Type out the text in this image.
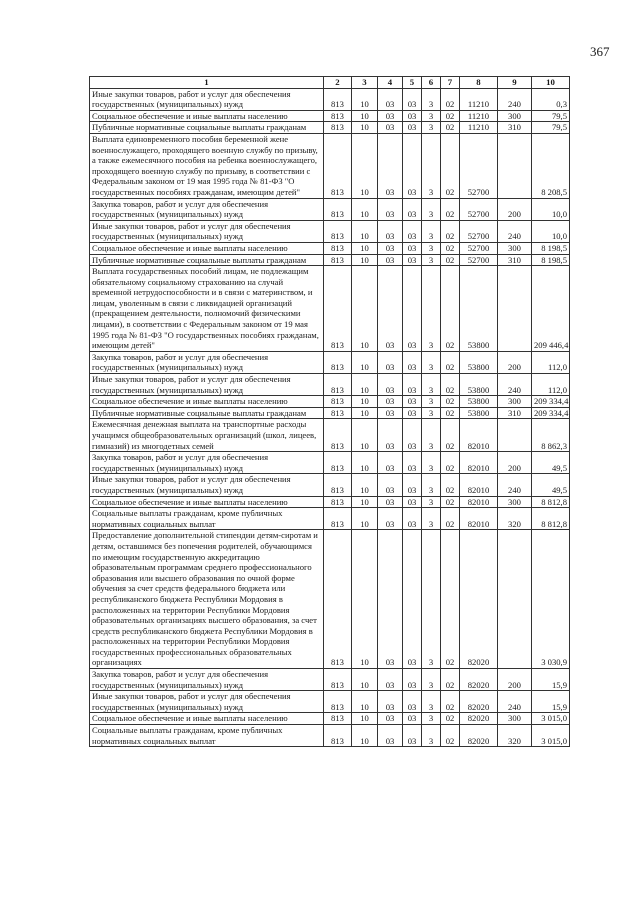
367
1	2	3	4	5	6	7	8	9	10
Иные закупки товаров, работ и услуг для обеспечения государственных (муниципальных) нужд	813	10	03	03	3	02	11210	240	0,3
Социальное обеспечение и иные выплаты населению	813	10	03	03	3	02	11210	300	79,5
Публичные нормативные социальные выплаты гражданам	813	10	03	03	3	02	11210	310	79,5
Выплата единовременного пособия беременной жене военнослужащего, проходящего военную службу по призыву, а также ежемесячного пособия на ребенка военнослужащего, проходящего военную службу по призыву, в соответствии с Федеральным законом от 19 мая 1995 года № 81-ФЗ "О государственных пособиях гражданам, имеющим детей"	813	10	03	03	3	02	52700		8 208,5
Закупка товаров, работ и услуг для обеспечения государственных (муниципальных) нужд	813	10	03	03	3	02	52700	200	10,0
Иные закупки товаров, работ и услуг для обеспечения государственных (муниципальных) нужд	813	10	03	03	3	02	52700	240	10,0
Социальное обеспечение и иные выплаты населению	813	10	03	03	3	02	52700	300	8 198,5
Публичные нормативные социальные выплаты гражданам	813	10	03	03	3	02	52700	310	8 198,5
Выплата государственных пособий лицам, не подлежащим обязательному социальному страхованию на случай временной нетрудоспособности и в связи с материнством, и лицам, уволенным в связи с ликвидацией организаций (прекращением деятельности, полномочий физическими лицами), в соответствии с Федеральным законом от 19 мая 1995 года № 81-ФЗ "О государственных пособиях гражданам, имеющим детей"	813	10	03	03	3	02	53800		209 446,4
Закупка товаров, работ и услуг для обеспечения государственных (муниципальных) нужд	813	10	03	03	3	02	53800	200	112,0
Иные закупки товаров, работ и услуг для обеспечения государственных (муниципальных) нужд	813	10	03	03	3	02	53800	240	112,0
Социальное обеспечение и иные выплаты населению	813	10	03	03	3	02	53800	300	209 334,4
Публичные нормативные социальные выплаты гражданам	813	10	03	03	3	02	53800	310	209 334,4
Ежемесячная денежная выплата на транспортные расходы учащимся общеобразовательных организаций (школ, лицеев, гимназий) из многодетных семей	813	10	03	03	3	02	82010		8 862,3
Закупка товаров, работ и услуг для обеспечения государственных (муниципальных) нужд	813	10	03	03	3	02	82010	200	49,5
Иные закупки товаров, работ и услуг для обеспечения государственных (муниципальных) нужд	813	10	03	03	3	02	82010	240	49,5
Социальное обеспечение и иные выплаты населению	813	10	03	03	3	02	82010	300	8 812,8
Социальные выплаты гражданам, кроме публичных нормативных социальных выплат	813	10	03	03	3	02	82010	320	8 812,8
Предоставление дополнительной стипендии детям-сиротам и детям, оставшимся без попечения родителей, обучающимся по имеющим государственную аккредитацию образовательным программам среднего профессионального образования или высшего образования по очной форме обучения за счет средств федерального бюджета или республиканского бюджета Республики Мордовия в расположенных на территории Республики Мордовия образовательных организациях высшего образования, за счет средств республиканского бюджета Республики Мордовия в расположенных на территории Республики Мордовия государственных профессиональных образовательных организациях	813	10	03	03	3	02	82020		3 030,9
Закупка товаров, работ и услуг для обеспечения государственных (муниципальных) нужд	813	10	03	03	3	02	82020	200	15,9
Иные закупки товаров, работ и услуг для обеспечения государственных (муниципальных) нужд	813	10	03	03	3	02	82020	240	15,9
Социальное обеспечение и иные выплаты населению	813	10	03	03	3	02	82020	300	3 015,0
Социальные выплаты гражданам, кроме публичных нормативных социальных выплат	813	10	03	03	3	02	82020	320	3 015,0
